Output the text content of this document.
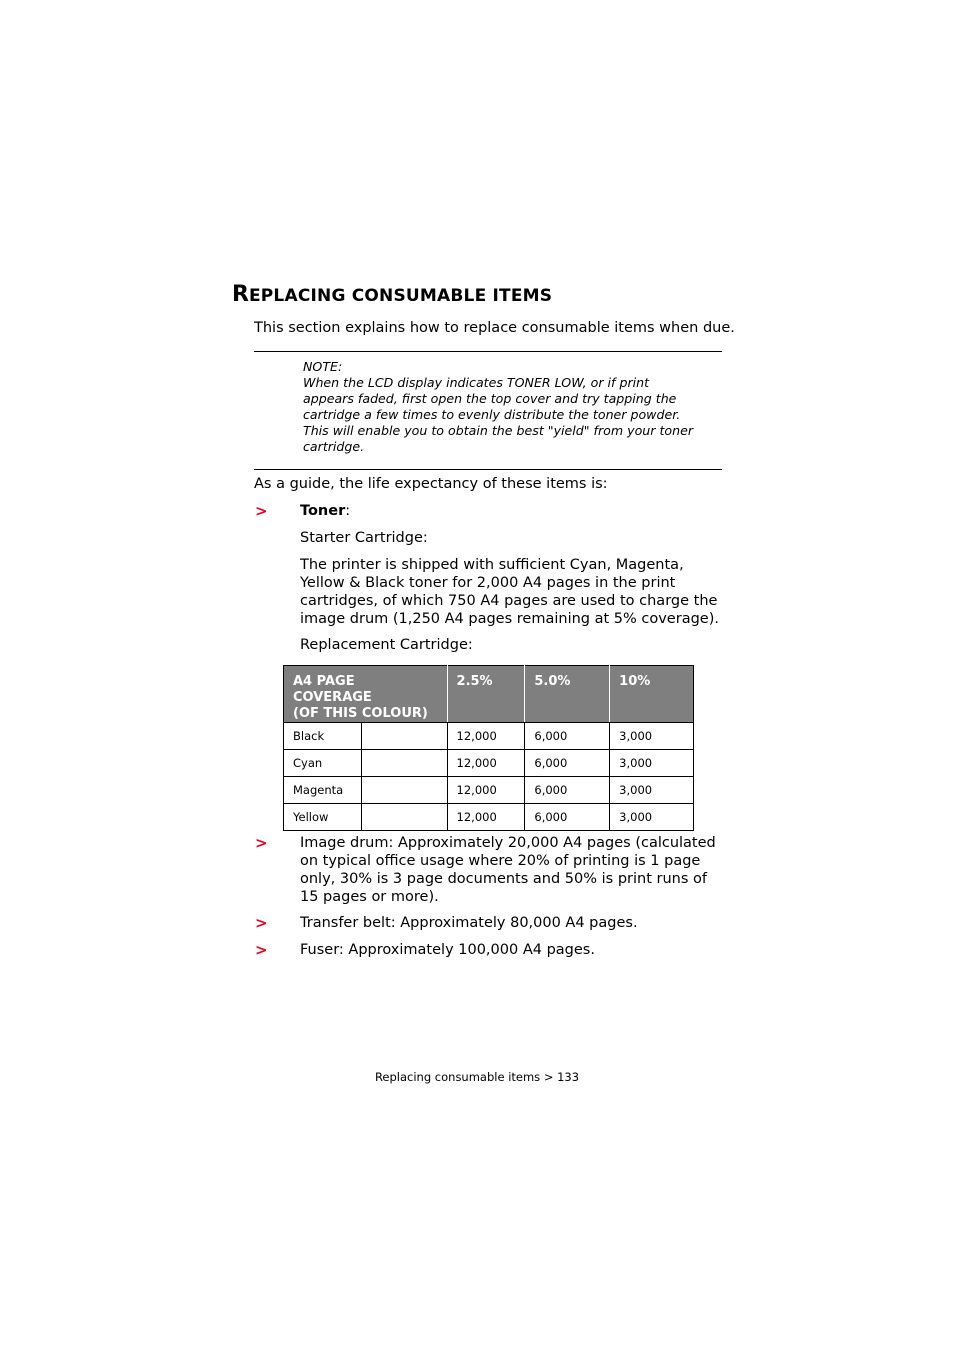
REPLACING CONSUMABLE ITEMS
This section explains how to replace consumable items when due.

NOTE:

When the LCD display indicates TONER LOW, or if print

appears faded, first open the top cover and try tapping the

cartridge a few times to evenly distribute the toner powder.

This will enable you to obtain the best "yield" from your toner

cartridge.

As a guide, the life expectancy of these items is:
> Toner:
Starter Cartridge:

The printer is shipped with sufficient Cyan, Magenta,

Yellow & Black toner for 2,000 A4 pages in the print

cartridges, of which 750 A4 pages are used to charge the

image drum (1,250 A4 pages remaining at 5% coverage).

Replacement Cartridge:
A4 PAGE COVERAGE
(OF THIS COLOUR)		2.5%	5.0%	10%
Black		12,000	6,000	3,000
Cyan		12,000	6,000	3,000
Magenta		12,000	6,000	3,000
Yellow		12,000	6,000	3,000
> Image drum: Approximately 20,000 A4 pages (calculated

on typical office usage where 20% of printing is 1 page

only, 30% is 3 page documents and 50% is print runs of

15 pages or more).

> Transfer belt: Approximately 80,000 A4 pages.
> Fuser: Approximately 100,000 A4 pages.
Replacing consumable items > 133
